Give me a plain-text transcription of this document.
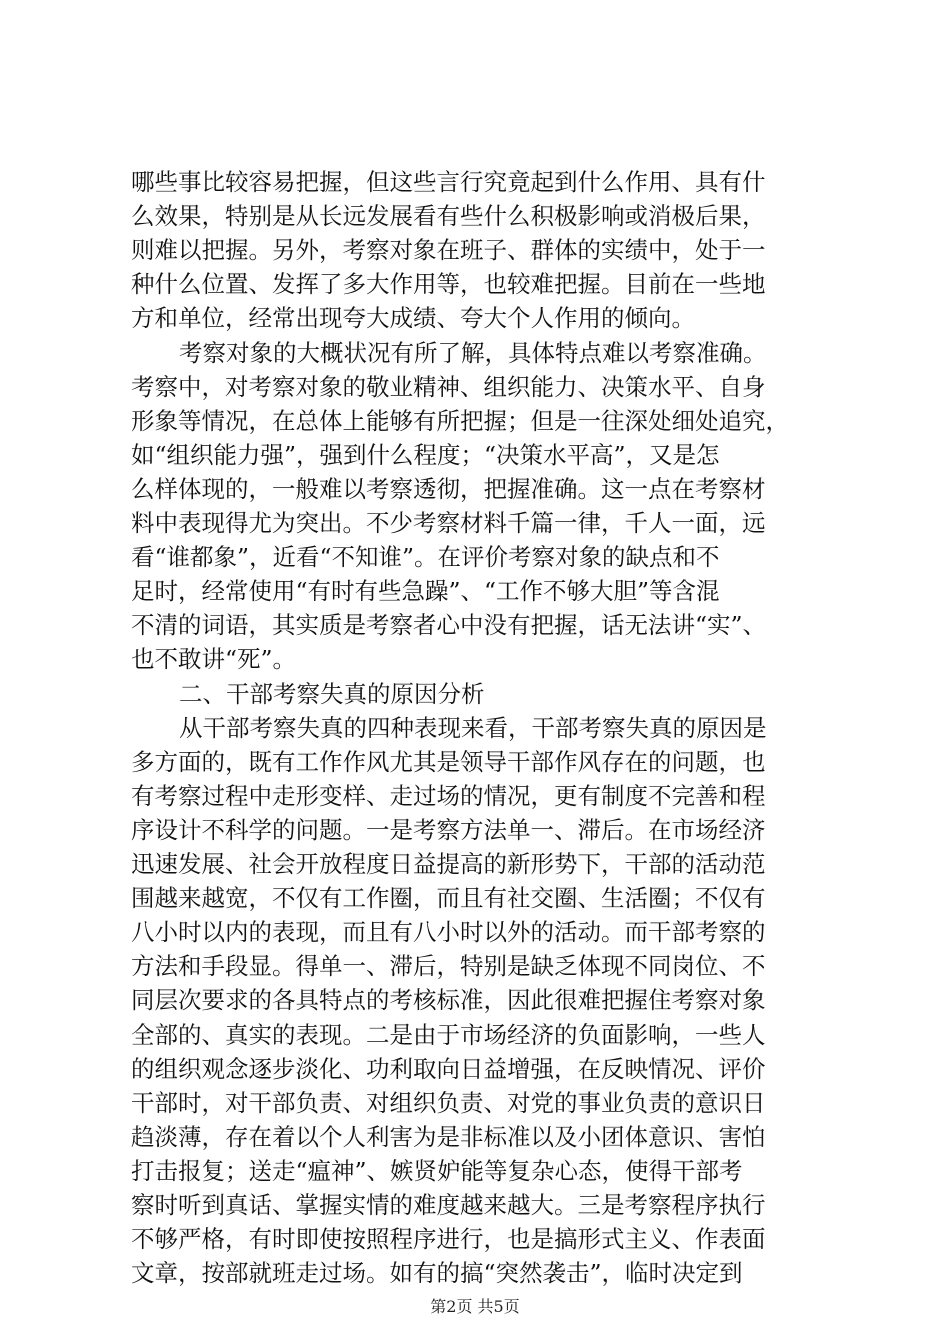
哪些事比较容易把握，但这些言行究竟起到什么作用、具有什
么效果，特别是从长远发展看有些什么积极影响或消极后果，
则难以把握。另外，考察对象在班子、群体的实绩中，处于一
种什么位置、发挥了多大作用等，也较难把握。目前在一些地
方和单位，经常出现夸大成绩、夸大个人作用的倾向。
考察对象的大概状况有所了解，具体特点难以考察准确。
考察中，对考察对象的敬业精神、组织能力、决策水平、自身
形象等情况，在总体上能够有所把握；但是一往深处细处追究，
如“组织能力强”，强到什么程度；“决策水平高”，又是怎
么样体现的，一般难以考察透彻，把握准确。这一点在考察材
料中表现得尤为突出。不少考察材料千篇一律，千人一面，远
看“谁都象”，近看“不知谁”。在评价考察对象的缺点和不
足时，经常使用“有时有些急躁”、“工作不够大胆”等含混
不清的词语，其实质是考察者心中没有把握，话无法讲“实”、
也不敢讲“死”。
二、干部考察失真的原因分析
从干部考察失真的四种表现来看，干部考察失真的原因是
多方面的，既有工作作风尤其是领导干部作风存在的问题，也
有考察过程中走形变样、走过场的情况，更有制度不完善和程
序设计不科学的问题。一是考察方法单一、滞后。在市场经济
迅速发展、社会开放程度日益提高的新形势下，干部的活动范
围越来越宽，不仅有工作圈，而且有社交圈、生活圈；不仅有
八小时以内的表现，而且有八小时以外的活动。而干部考察的
方法和手段显。得单一、滞后，特别是缺乏体现不同岗位、不
同层次要求的各具特点的考核标准，因此很难把握住考察对象
全部的、真实的表现。二是由于市场经济的负面影响，一些人
的组织观念逐步淡化、功利取向日益增强，在反映情况、评价
干部时，对干部负责、对组织负责、对党的事业负责的意识日
趋淡薄，存在着以个人利害为是非标准以及小团体意识、害怕
打击报复；送走“瘟神”、嫉贤妒能等复杂心态，使得干部考
察时听到真话、掌握实情的难度越来越大。三是考察程序执行
不够严格，有时即使按照程序进行，也是搞形式主义、作表面
文章，按部就班走过场。如有的搞“突然袭击”，临时决定到
第2页 共5页
